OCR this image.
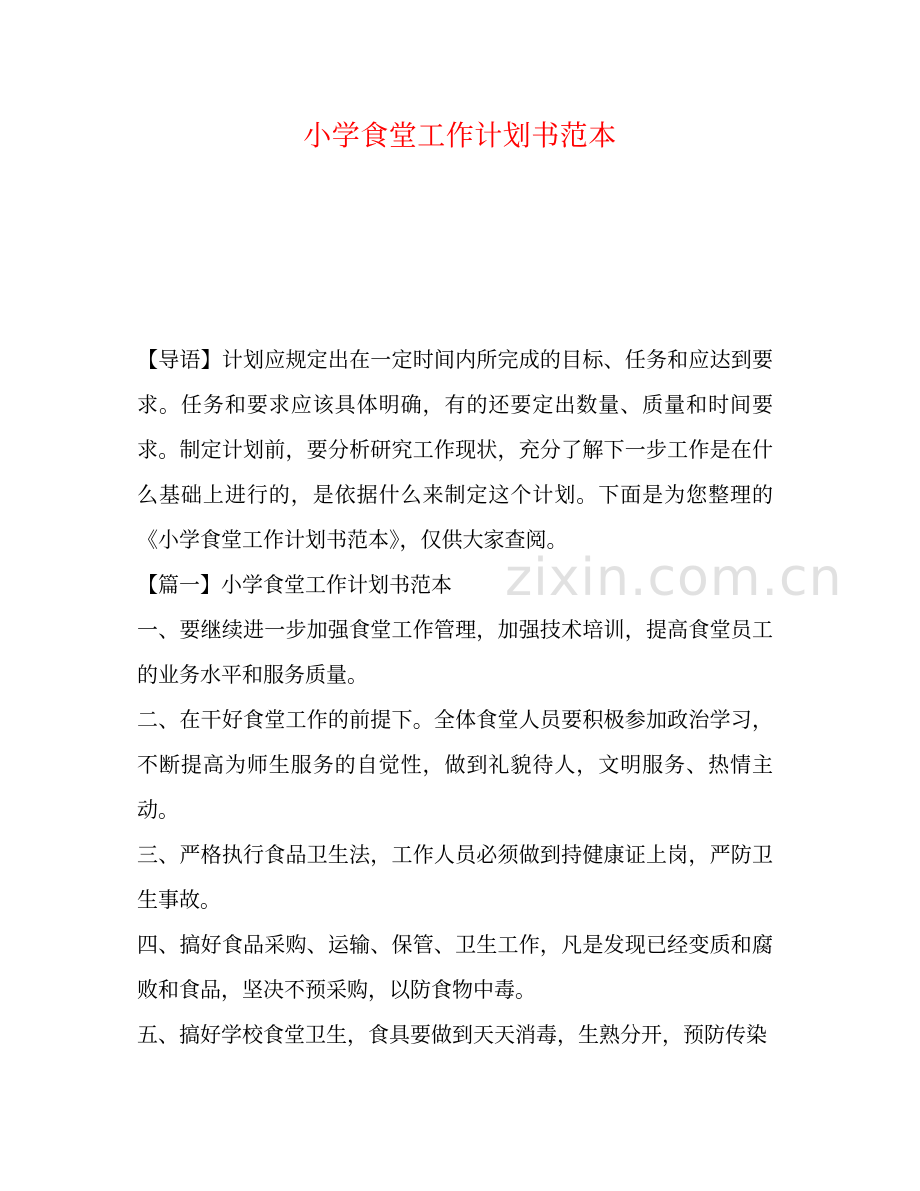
小学食堂工作计划书范本

【导语】计划应规定出在一定时间内所完成的目标、任务和应达到要求。任务和要求应该具体明确，有的还要定出数量、质量和时间要求。制定计划前，要分析研究工作现状，充分了解下一步工作是在什么基础上进行的，是依据什么来制定这个计划。下面是为您整理的《小学食堂工作计划书范本》，仅供大家查阅。

【篇一】小学食堂工作计划书范本

一、要继续进一步加强食堂工作管理，加强技术培训，提高食堂员工的业务水平和服务质量。

二、在干好食堂工作的前提下。全体食堂人员要积极参加政治学习，不断提高为师生服务的自觉性，做到礼貌待人，文明服务、热情主动。

三、严格执行食品卫生法，工作人员必须做到持健康证上岗，严防卫生事故。

四、搞好食品采购、运输、保管、卫生工作，凡是发现已经变质和腐败和食品，坚决不预采购，以防食物中毒。

五、搞好学校食堂卫生，食具要做到天天消毒，生熟分开，预防传染

zixin.com.cn
